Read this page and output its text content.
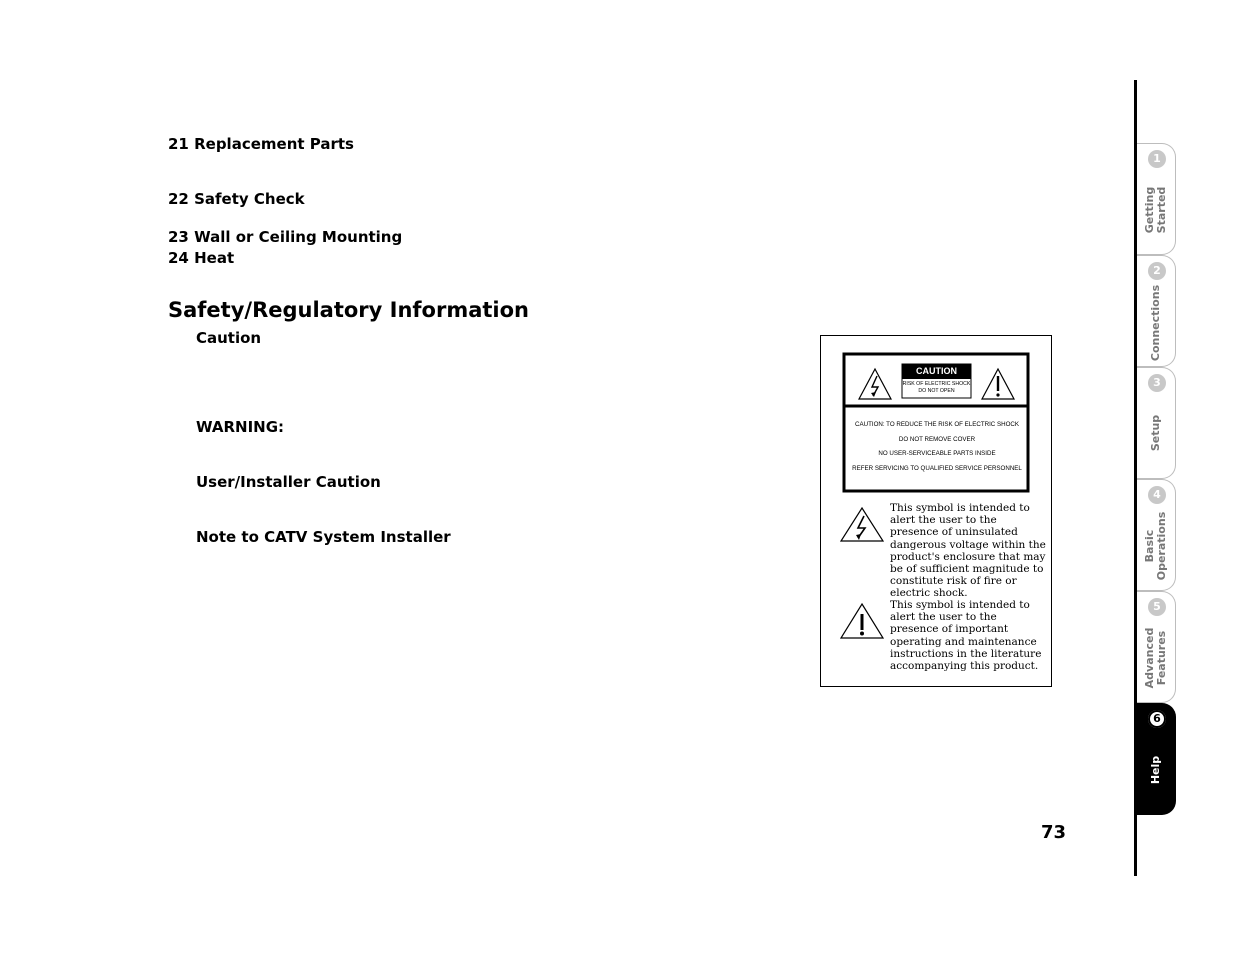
21 Replacement Parts
22 Safety Check
23 Wall or Ceiling Mounting
24 Heat
Safety/Regulatory Information
Caution
WARNING:
User/Installer Caution
Note to CATV System Installer
CAUTION
RISK OF ELECTRIC SHOCK
DO NOT OPEN
CAUTION: TO REDUCE THE RISK OF ELECTRIC SHOCK
DO NOT REMOVE COVER
NO USER-SERVICEABLE PARTS INSIDE
REFER SERVICING TO QUALIFIED SERVICE PERSONNEL
This symbol is intended to alert the user to the presence of uninsulated dangerous voltage within the product's enclosure that may be of sufficient magnitude to constitute risk of fire or electric shock.
This symbol is intended to alert the user to the presence of important operating and maintenance instructions in the literature accompanying this product.
1
Getting Started
2
Connections
3
Setup
4
Basic Operations
5
Advanced Features
6
Help
73
